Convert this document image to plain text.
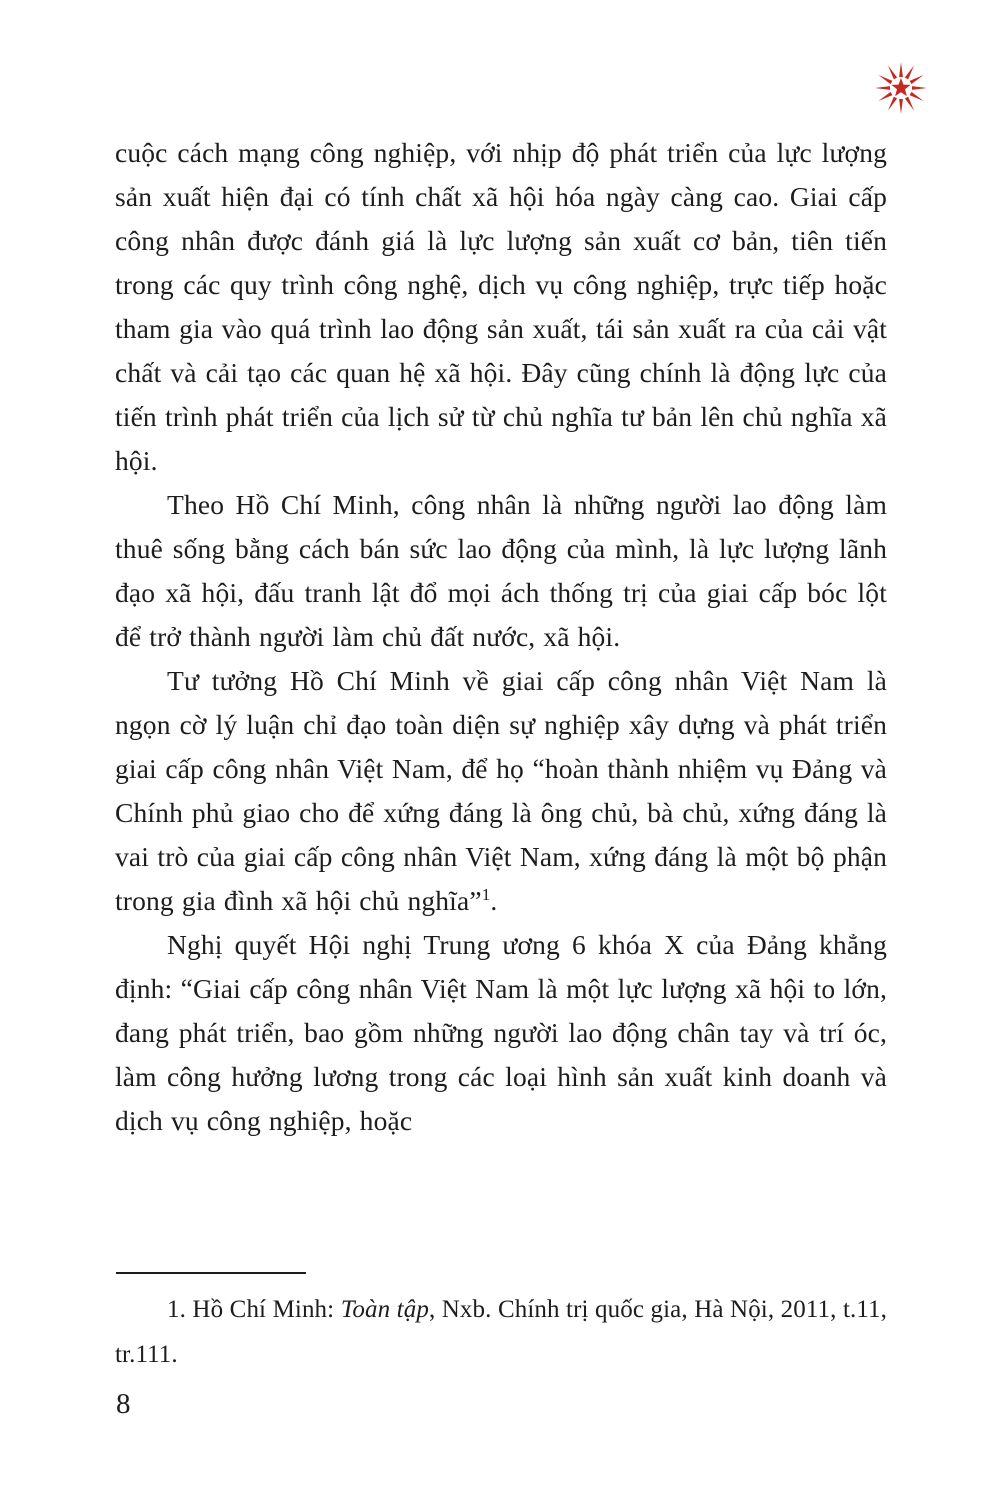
cuộc cách mạng công nghiệp, với nhịp độ phát triển của lực lượng sản xuất hiện đại có tính chất xã hội hóa ngày càng cao. Giai cấp công nhân được đánh giá là lực lượng sản xuất cơ bản, tiên tiến trong các quy trình công nghệ, dịch vụ công nghiệp, trực tiếp hoặc tham gia vào quá trình lao động sản xuất, tái sản xuất ra của cải vật chất và cải tạo các quan hệ xã hội. Đây cũng chính là động lực của tiến trình phát triển của lịch sử từ chủ nghĩa tư bản lên chủ nghĩa xã hội.

Theo Hồ Chí Minh, công nhân là những người lao động làm thuê sống bằng cách bán sức lao động của mình, là lực lượng lãnh đạo xã hội, đấu tranh lật đổ mọi ách thống trị của giai cấp bóc lột để trở thành người làm chủ đất nước, xã hội.

Tư tưởng Hồ Chí Minh về giai cấp công nhân Việt Nam là ngọn cờ lý luận chỉ đạo toàn diện sự nghiệp xây dựng và phát triển giai cấp công nhân Việt Nam, để họ “hoàn thành nhiệm vụ Đảng và Chính phủ giao cho để xứng đáng là ông chủ, bà chủ, xứng đáng là vai trò của giai cấp công nhân Việt Nam, xứng đáng là một bộ phận trong gia đình xã hội chủ nghĩa”$^1$.

Nghị quyết Hội nghị Trung ương 6 khóa X của Đảng khẳng định: “Giai cấp công nhân Việt Nam là một lực lượng xã hội to lớn, đang phát triển, bao gồm những người lao động chân tay và trí óc, làm công hưởng lương trong các loại hình sản xuất kinh doanh và dịch vụ công nghiệp, hoặc

1. Hồ Chí Minh: Toàn tập, Nxb. Chính trị quốc gia, Hà Nội, 2011, t.11, tr.111.
8
